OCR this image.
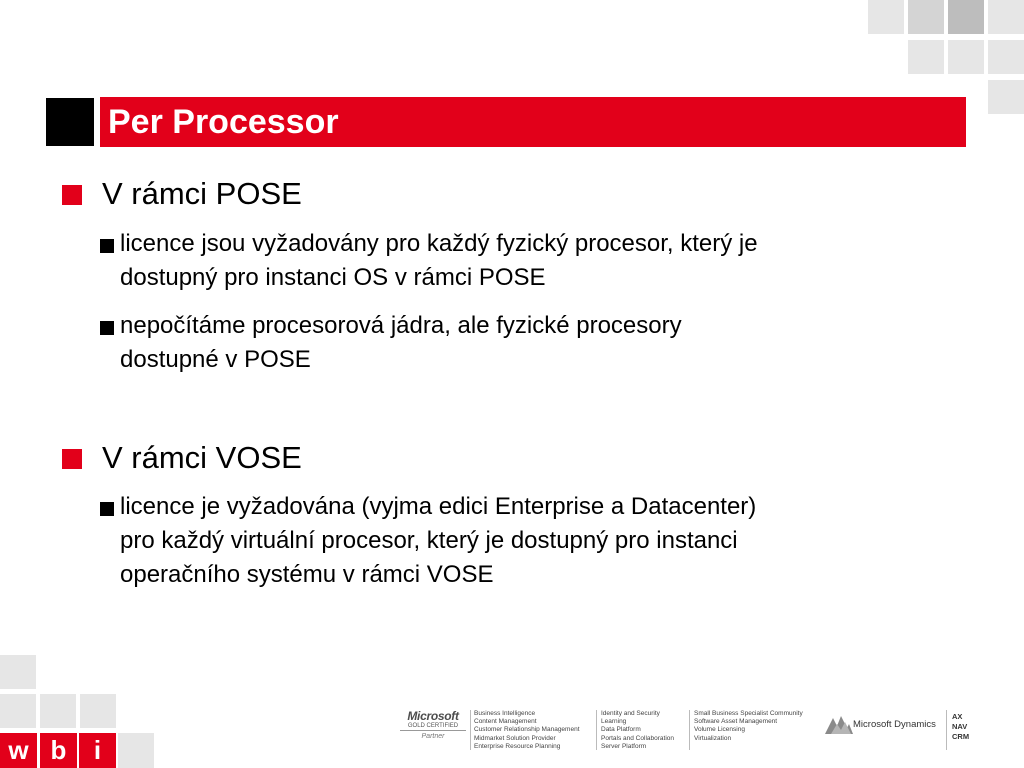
Per Processor
V rámci POSE
licence jsou vyžadovány pro každý fyzický procesor, který je
dostupný pro instanci OS v rámci POSE
nepočítáme procesorová jádra, ale fyzické procesory
dostupné v POSE
V rámci VOSE
licence je vyžadována (vyjma edici Enterprise a Datacenter)
pro každý virtuální procesor, který je dostupný pro instanci
operačního systému v rámci VOSE
w b	i
Microsoft
GOLD CERTIFIED
Partner
Business Intelligence
Content Management
Customer Relationship Management
Midmarket Solution Provider
Enterprise Resource Planning
Identity and Security
Learning
Data Platform
Portals and Collaboration
Server Platform
Small Business Specialist Community
Software Asset Management
Volume Licensing
Virtualization
Microsoft Dynamics
AX
NAV
CRM
